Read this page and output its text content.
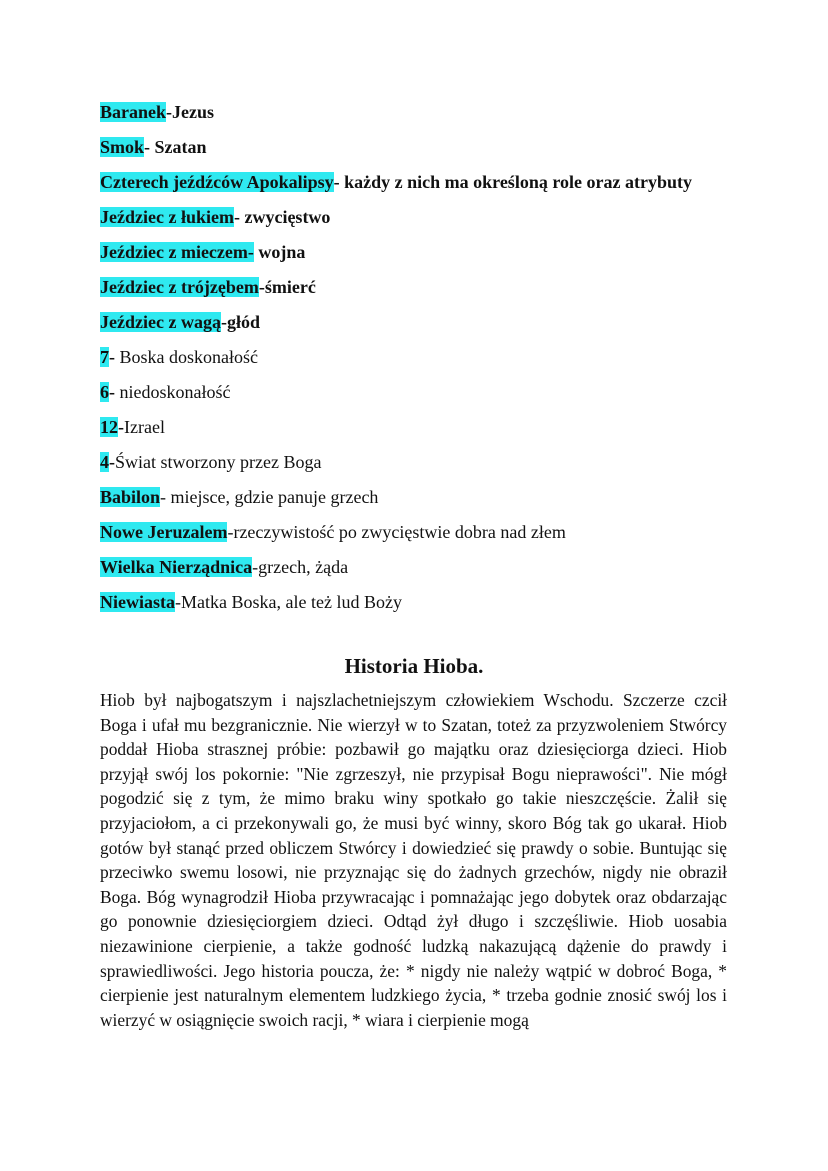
Baranek-Jezus

Smok- Szatan

Czterech jeźdźców Apokalipsy- każdy z nich ma określoną role oraz atrybuty

Jeździec z łukiem- zwycięstwo

Jeździec z mieczem- wojna

Jeździec z trójzębem-śmierć

Jeździec z wagą-głód

7- Boska doskonałość

6- niedoskonałość

12-Izrael

4-Świat stworzony przez Boga

Babilon- miejsce, gdzie panuje grzech

Nowe Jeruzalem-rzeczywistość po zwycięstwie dobra nad złem

Wielka Nierządnica-grzech, żąda

Niewiasta-Matka Boska, ale też lud Boży

Historia Hioba.

Hiob był najbogatszym i najszlachetniejszym człowiekiem Wschodu. Szczerze czcił Boga i ufał mu bezgranicznie. Nie wierzył w to Szatan, toteż za przyzwoleniem Stwórcy poddał Hioba strasznej próbie: pozbawił go majątku oraz dziesięciorga dzieci. Hiob przyjął swój los pokornie: "Nie zgrzeszył, nie przypisał Bogu nieprawości". Nie mógł pogodzić się z tym, że mimo braku winy spotkało go takie nieszczęście. Żalił się przyjaciołom, a ci przekonywali go, że musi być winny, skoro Bóg tak go ukarał. Hiob gotów był stanąć przed obliczem Stwórcy i dowiedzieć się prawdy o sobie. Buntując się przeciwko swemu losowi, nie przyznając się do żadnych grzechów, nigdy nie obraził Boga. Bóg wynagrodził Hioba przywracając i pomnażając jego dobytek oraz obdarzając go ponownie dziesięciorgiem dzieci. Odtąd żył długo i szczęśliwie. Hiob uosabia niezawinione cierpienie, a także godność ludzką nakazującą dążenie do prawdy i sprawiedliwości. Jego historia poucza, że: * nigdy nie należy wątpić w dobroć Boga, * cierpienie jest naturalnym elementem ludzkiego życia, * trzeba godnie znosić swój los i wierzyć w osiągnięcie swoich racji, * wiara i cierpienie mogą
